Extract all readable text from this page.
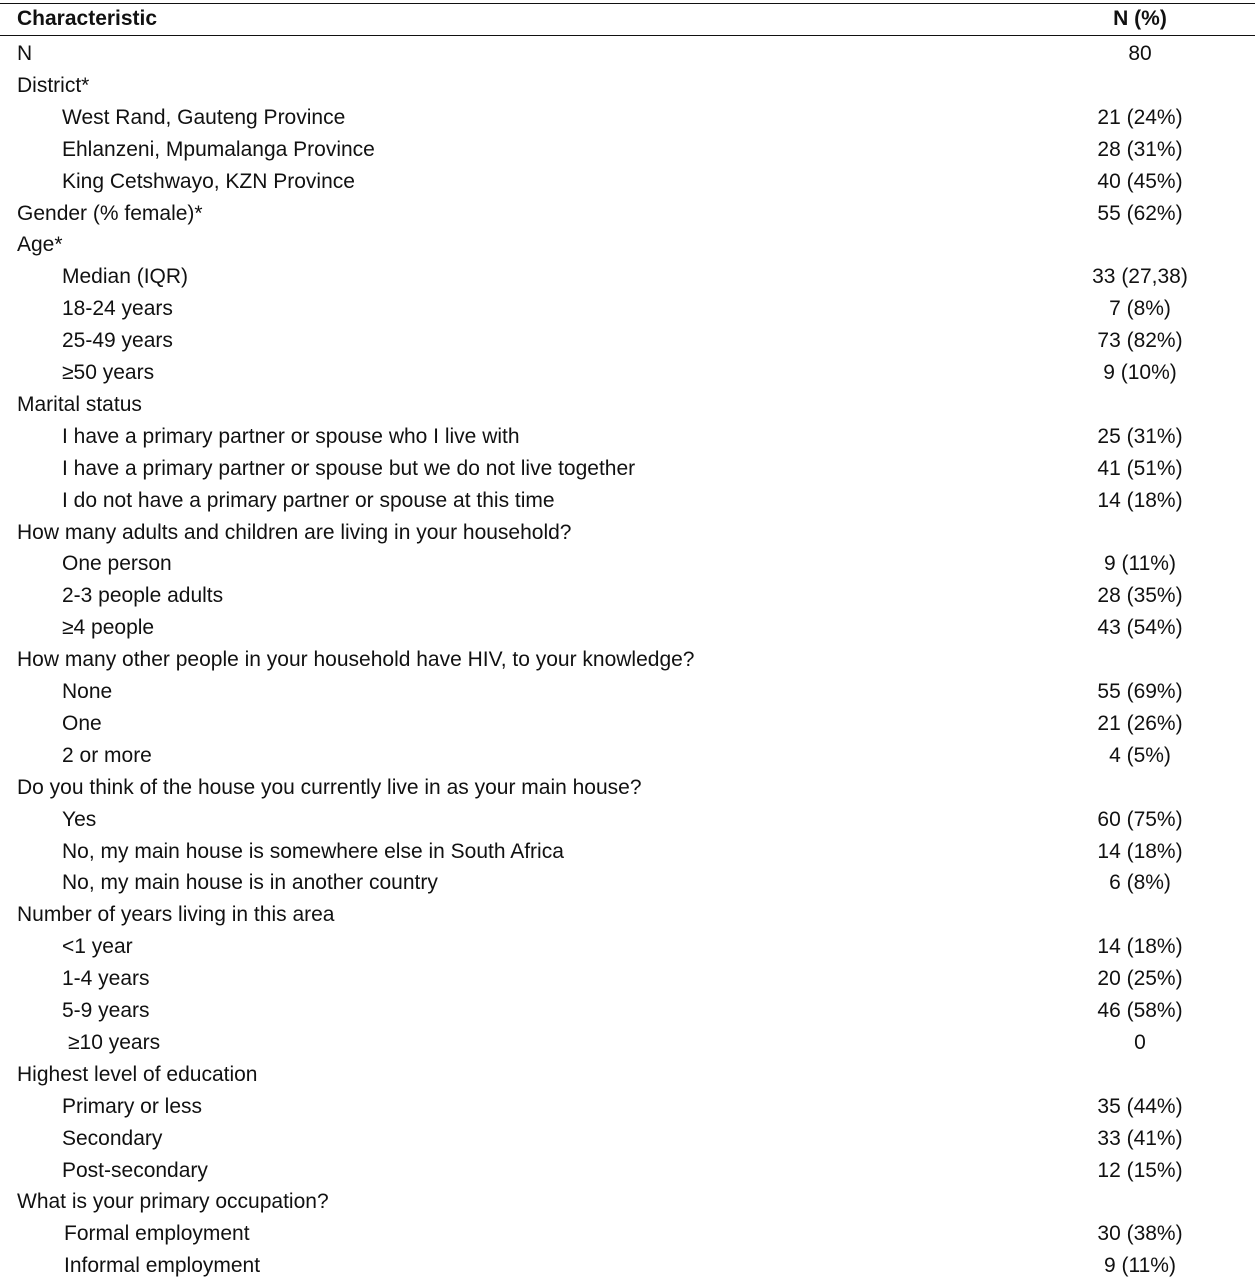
Characteristic	N (%)
N	80
District*
West Rand, Gauteng Province	21 (24%)
Ehlanzeni, Mpumalanga Province	28 (31%)
King Cetshwayo, KZN Province	40 (45%)
Gender (% female)*	55 (62%)
Age*
Median (IQR)	33 (27,38)
18-24 years	7 (8%)
25-49 years	73 (82%)
≥50 years	9 (10%)
Marital status
I have a primary partner or spouse who I live with	25 (31%)
I have a primary partner or spouse but we do not live together	41 (51%)
I do not have a primary partner or spouse at this time	14 (18%)
How many adults and children are living in your household?
One person	9 (11%)
2-3 people adults	28 (35%)
≥4 people	43 (54%)
How many other people in your household have HIV, to your knowledge?
None	55 (69%)
One	21 (26%)
2 or more	4 (5%)
Do you think of the house you currently live in as your main house?
Yes	60 (75%)
No, my main house is somewhere else in South Africa	14 (18%)
No, my main house is in another country	6 (8%)
Number of years living in this area
<1 year	14 (18%)
1-4 years	20 (25%)
5-9 years	46 (58%)
≥10 years	0
Highest level of education
Primary or less	35 (44%)
Secondary	33 (41%)
Post-secondary	12 (15%)
What is your primary occupation?
Formal employment	30 (38%)
Informal employment	9 (11%)
